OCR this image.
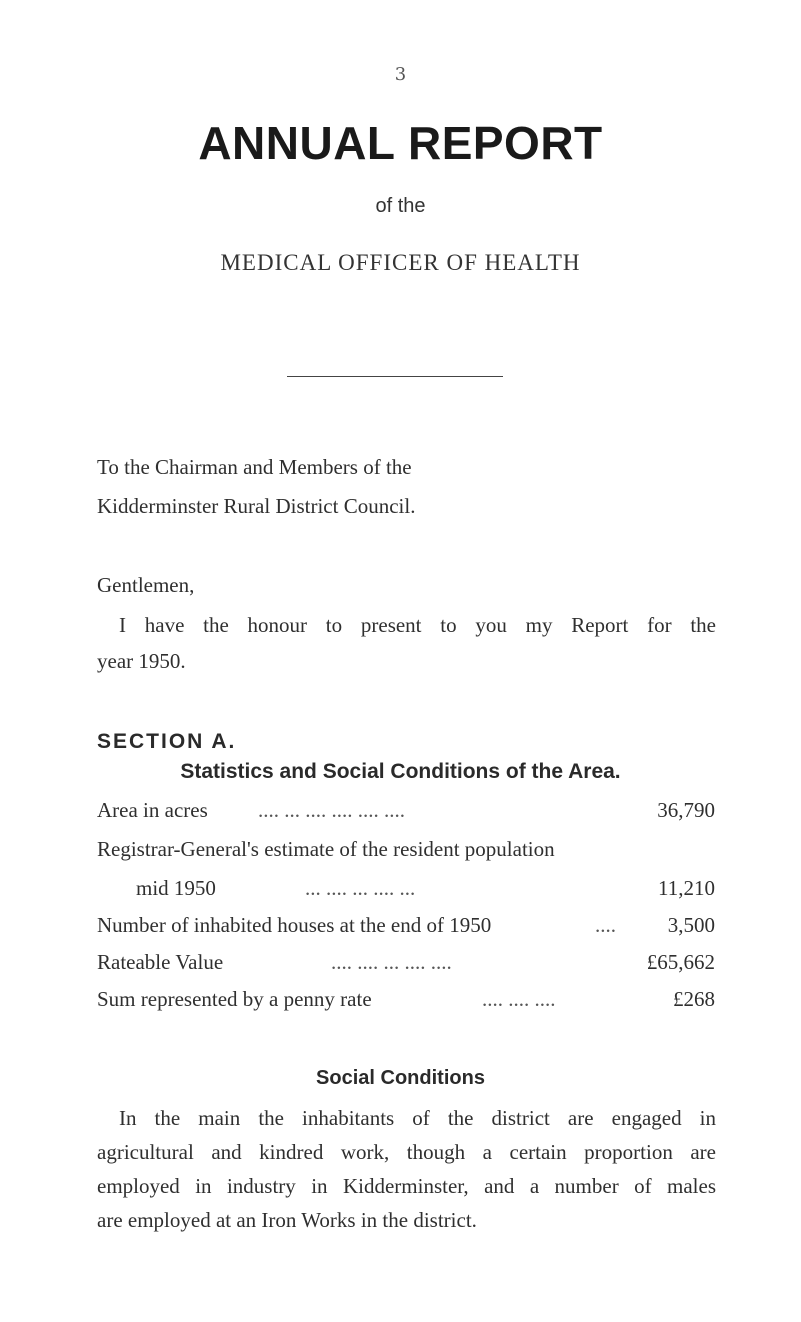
3
ANNUAL REPORT
of the
MEDICAL OFFICER OF HEALTH
To the Chairman and Members of the
Kidderminster Rural District Council.
Gentlemen,
I have the honour to present to you my Report for the
year 1950.
SECTION A.
Statistics and Social Conditions of the Area.
Area in acres .... ... .... .... .... ....	36,790
Registrar-General's estimate of the resident population
mid 1950	... .... ... .... ...	11,210
Number of inhabited houses at the end of 1950	....	3,500
Rateable Value	.... .... ... .... ....	£65,662
Sum represented by a penny rate	.... .... ....	£268
Social Conditions
In the main the inhabitants of the district are engaged in
agricultural and kindred work, though a certain proportion are
employed in industry in Kidderminster, and a number of males
are employed at an Iron Works in the district.
